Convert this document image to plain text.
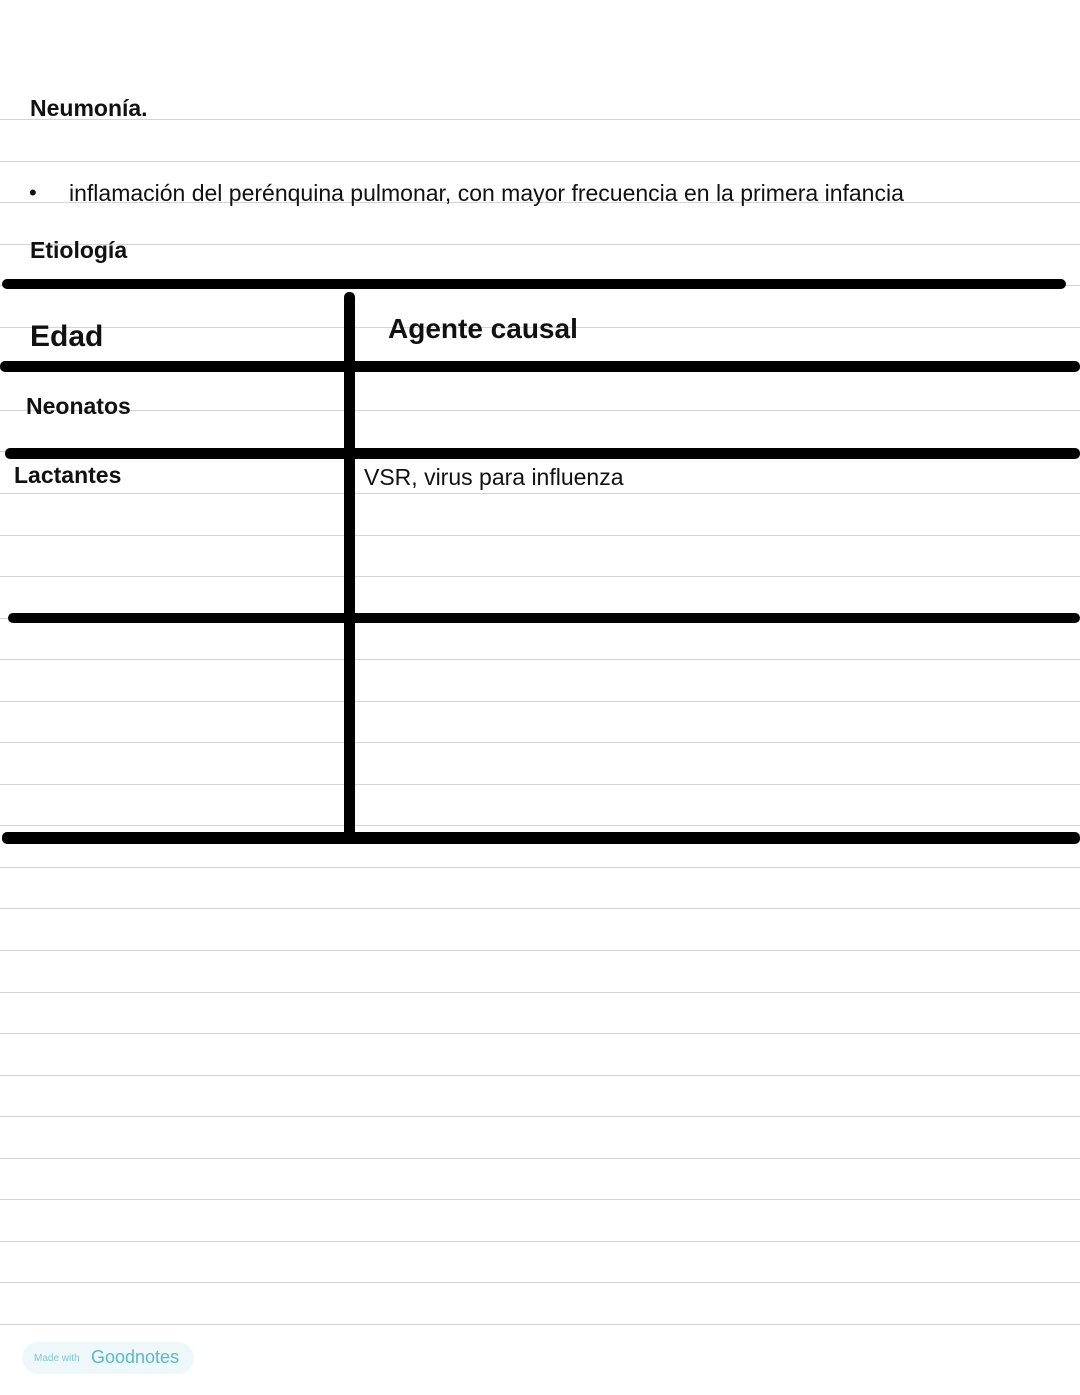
Neumonía.
• inflamación del perénquina pulmonar, con mayor frecuencia en la primera infancia
Etiología
Edad	Agente causal
Neonatos
Lactantes	VSR, virus para influenza
Made with Goodnotes
